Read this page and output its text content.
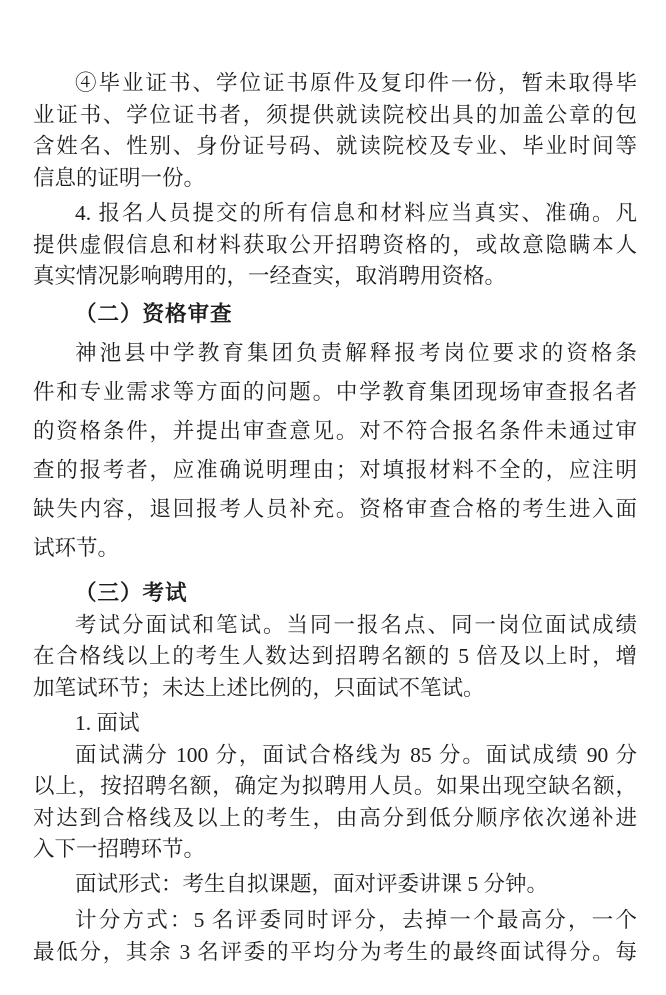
④毕业证书、学位证书原件及复印件一份，暂未取得毕
业证书、学位证书者，须提供就读院校出具的加盖公章的包
含姓名、性别、身份证号码、就读院校及专业、毕业时间等
信息的证明一份。
4. 报名人员提交的所有信息和材料应当真实、准确。凡
提供虚假信息和材料获取公开招聘资格的，或故意隐瞒本人
真实情况影响聘用的，一经查实，取消聘用资格。
（二）资格审查
神池县中学教育集团负责解释报考岗位要求的资格条
件和专业需求等方面的问题。中学教育集团现场审查报名者
的资格条件，并提出审查意见。对不符合报名条件未通过审
查的报考者，应准确说明理由；对填报材料不全的，应注明
缺失内容，退回报考人员补充。资格审查合格的考生进入面
试环节。
（三）考试
考试分面试和笔试。当同一报名点、同一岗位面试成绩
在合格线以上的考生人数达到招聘名额的 5 倍及以上时，增
加笔试环节；未达上述比例的，只面试不笔试。
1. 面试
面试满分 100 分，面试合格线为 85 分。面试成绩 90 分
以上，按招聘名额，确定为拟聘用人员。如果出现空缺名额，
对达到合格线及以上的考生，由高分到低分顺序依次递补进
入下一招聘环节。
面试形式：考生自拟课题，面对评委讲课 5 分钟。
计分方式：5 名评委同时评分，去掉一个最高分，一个
最低分，其余 3 名评委的平均分为考生的最终面试得分。每
